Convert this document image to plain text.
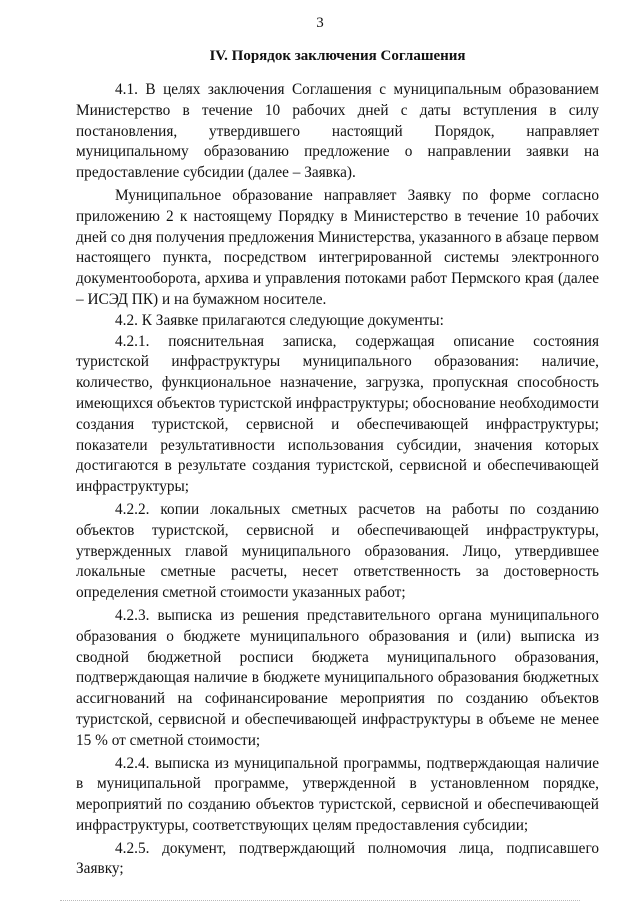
3
IV. Порядок заключения Соглашения

4.1. В целях заключения Соглашения с муниципальным образованием Министерство в течение 10 рабочих дней с даты вступления в силу постановления, утвердившего настоящий Порядок, направляет муниципальному образованию предложение о направлении заявки на предоставление субсидии (далее – Заявка).

Муниципальное образование направляет Заявку по форме согласно приложению 2 к настоящему Порядку в Министерство в течение 10 рабочих дней со дня получения предложения Министерства, указанного в абзаце первом настоящего пункта, посредством интегрированной системы электронного документооборота, архива и управления потоками работ Пермского края (далее – ИСЭД ПК) и на бумажном носителе.

4.2. К Заявке прилагаются следующие документы:

4.2.1. пояснительная записка, содержащая описание состояния туристской инфраструктуры муниципального образования: наличие, количество, функциональное назначение, загрузка, пропускная способность имеющихся объектов туристской инфраструктуры; обоснование необходимости создания туристской, сервисной и обеспечивающей инфраструктуры; показатели результативности использования субсидии, значения которых достигаются в результате создания туристской, сервисной и обеспечивающей инфраструктуры;

4.2.2. копии локальных сметных расчетов на работы по созданию объектов туристской, сервисной и обеспечивающей инфраструктуры, утвержденных главой муниципального образования. Лицо, утвердившее локальные сметные расчеты, несет ответственность за достоверность определения сметной стоимости указанных работ;

4.2.3. выписка из решения представительного органа муниципального образования о бюджете муниципального образования и (или) выписка из сводной бюджетной росписи бюджета муниципального образования, подтверждающая наличие в бюджете муниципального образования бюджетных ассигнований на софинансирование мероприятия по созданию объектов туристской, сервисной и обеспечивающей инфраструктуры в объеме не менее 15 % от сметной стоимости;

4.2.4. выписка из муниципальной программы, подтверждающая наличие в муниципальной программе, утвержденной в установленном порядке, мероприятий по созданию объектов туристской, сервисной и обеспечивающей инфраструктуры, соответствующих целям предоставления субсидии;

4.2.5. документ, подтверждающий полномочия лица, подписавшего Заявку;
